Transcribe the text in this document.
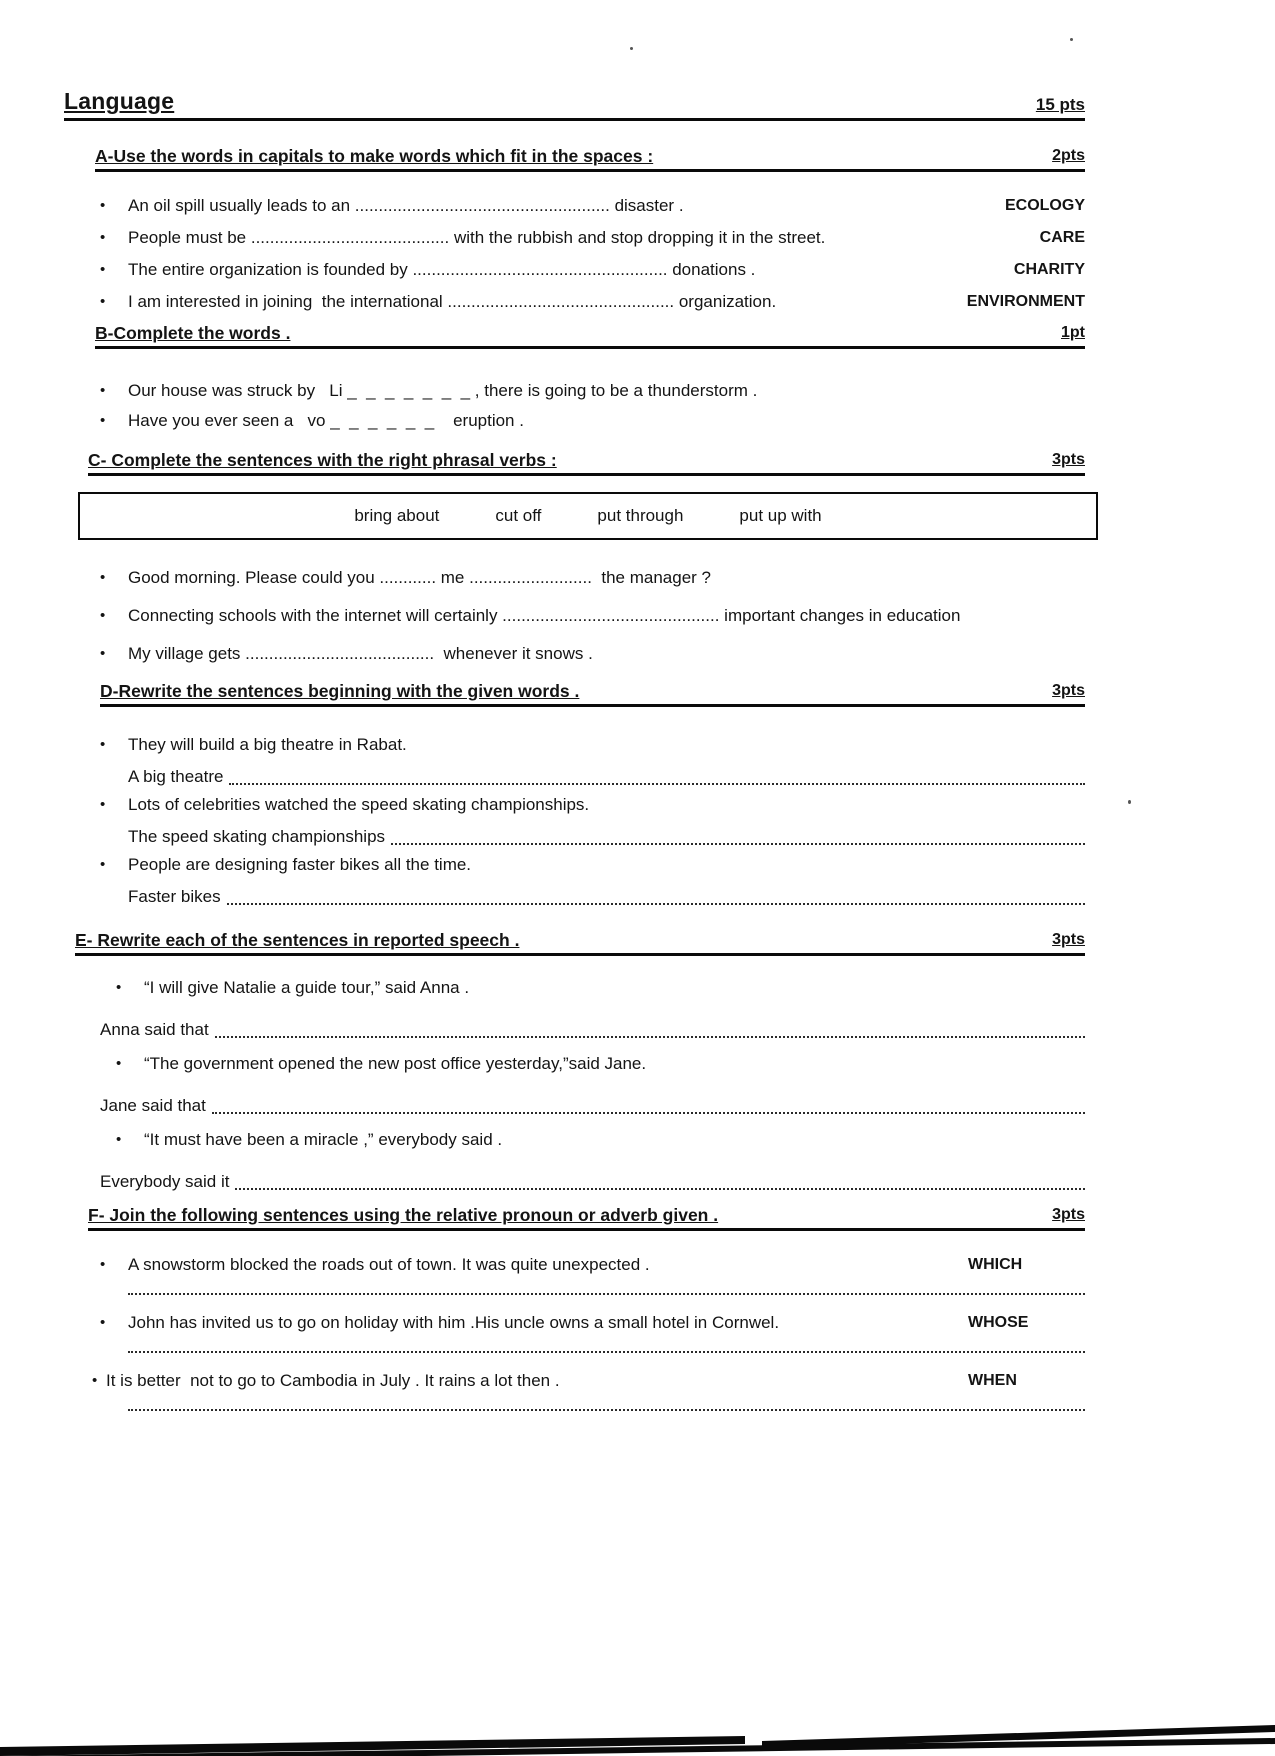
Language	15 pts
A-Use the words in capitals to make words which fit in the spaces :	2pts
•	An oil spill usually leads to an ...................................................... disaster .	ECOLOGY
•	People must be .......................................... with the rubbish and stop dropping it in the street.	CARE
•	The entire organization is founded by ...................................................... donations .	CHARITY
•	I am interested in joining  the international ................................................ organization.	ENVIRONMENT
B-Complete the words .	1pt
•	Our house was struck by   Li _  _  _  _  _  _  _ , there is going to be a thunderstorm .
•	Have you ever seen a   vo _  _  _  _  _  _    eruption .
C- Complete the sentences with the right phrasal verbs :	3pts
bring about	cut off	put through	put up with
•	Good morning. Please could you ............ me ..........................  the manager ?
•	Connecting schools with the internet will certainly .............................................. important changes in education
•	My village gets ........................................  whenever it snows .
D-Rewrite the sentences beginning with the given words .	3pts
•	They will build a big theatre in Rabat.
A big theatre
•	Lots of celebrities watched the speed skating championships.
The speed skating championships
•	People are designing faster bikes all the time.
Faster bikes
E- Rewrite each of the sentences in reported speech .	3pts
•	“I will give Natalie a guide tour,” said Anna .
Anna said that
•	“The government opened the new post office yesterday,”said Jane.
Jane said that
•	“It must have been a miracle ,” everybody said .
Everybody said it
F- Join the following sentences using the relative pronoun or adverb given .	3pts
•	A snowstorm blocked the roads out of town. It was quite unexpected .	WHICH
•	John has invited us to go on holiday with him .His uncle owns a small hotel in Cornwel.	WHOSE
• It is better  not to go to Cambodia in July . It rains a lot then .	WHEN
